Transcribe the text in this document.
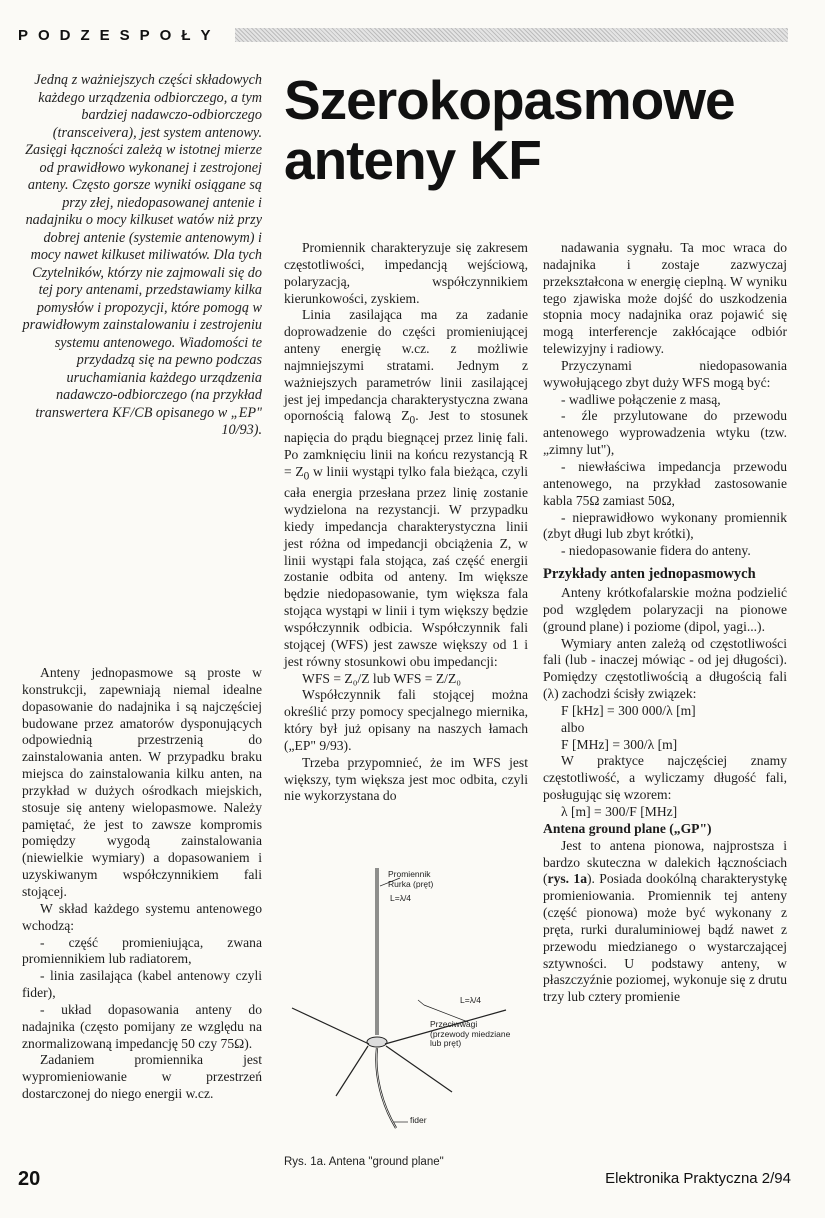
PODZESPOŁY

Jedną z ważniejszych części składowych każdego urządzenia odbiorczego, a tym bardziej nadawczo-odbiorczego (transceivera), jest system antenowy. Zasięgi łączności zależą w istotnej mierze od prawidłowo wykonanej i zestrojonej anteny. Często gorsze wyniki osiągane są przy złej, niedopasowanej antenie i nadajniku o mocy kilkuset watów niż przy dobrej antenie (systemie antenowym) i mocy nawet kilkuset miliwatów. Dla tych Czytelników, którzy nie zajmowali się do tej pory antenami, przedstawiamy kilka pomysłów i propozycji, które pomogą w prawidłowym zainstalowaniu i zestrojeniu systemu antenowego. Wiadomości te przydadzą się na pewno podczas uruchamiania każdego urządzenia nadawczo-odbiorczego (na przykład transwertera KF/CB opisanego w „EP" 10/93).

Szerokopasmowe
anteny KF

Anteny jednopasmowe są proste w konstrukcji, zapewniają niemal idealne dopasowanie do nadajnika i są najczęściej budowane przez amatorów dysponujących odpowiednią przestrzenią do zainstalowania anten. W przypadku braku miejsca do zainstalowania kilku anten, na przykład w dużych ośrodkach miejskich, stosuje się anteny wielopasmowe. Należy pamiętać, że jest to zawsze kompromis pomiędzy wygodą zainstalowania (niewielkie wymiary) a dopasowaniem i uzyskiwanym współczynnikiem fali stojącej.

W skład każdego systemu antenowego wchodzą:

- część promieniująca, zwana promiennikiem lub radiatorem,

- linia zasilająca (kabel antenowy czyli fider),

- układ dopasowania anteny do nadajnika (często pomijany ze względu na znormalizowaną impedancję 50 czy 75Ω).

Zadaniem promiennika jest wypromieniowanie w przestrzeń dostarczonej do niego energii w.cz.

Promiennik charakteryzuje się zakresem częstotliwości, impedancją wejściową, polaryzacją, współczynnikiem kierunkowości, zyskiem.

Linia zasilająca ma za zadanie doprowadzenie do części promieniującej anteny energię w.cz. z możliwie najmniejszymi stratami. Jednym z ważniejszych parametrów linii zasilającej jest jej impedancja charakterystyczna zwana opornością falową $Z_0$. Jest to stosunek napięcia do prądu biegnącej przez linię fali. Po zamknięciu linii na końcu rezystancją $R = Z_0$ w linii wystąpi tylko fala bieżąca, czyli cała energia przesłana przez linię zostanie wydzielona na rezystancji. W przypadku kiedy impedancja charakterystyczna linii jest różna od impedancji obciążenia Z, w linii wystąpi fala stojąca, zaś część energii zostanie odbita od anteny. Im większe będzie niedopasowanie, tym większa fala stojąca wystąpi w linii i tym większy będzie współczynnik odbicia. Współczynnik fali stojącej (WFS) jest zawsze większy od 1 i jest równy stosunkowi obu impedancji:

WFS = Z₀/Z lub WFS = Z/Z₀

Współczynnik fali stojącej można określić przy pomocy specjalnego miernika, który był już opisany na naszych łamach („EP" 9/93).

Trzeba przypomnieć, że im WFS jest większy, tym większa jest moc odbita, czyli nie wykorzystana do

Promiennik
Rurka (pręt)
L=λ/4
L=λ/4
Przeciwwagi
(przewody miedziane
lub pręt)
fider
Rys. 1a. Antena "ground plane"

nadawania sygnału. Ta moc wraca do nadajnika i zostaje zazwyczaj przekształcona w energię cieplną. W wyniku tego zjawiska może dojść do uszkodzenia stopnia mocy nadajnika oraz pojawić się mogą interferencje zakłócające odbiór telewizyjny i radiowy.

Przyczynami niedopasowania wywołującego zbyt duży WFS mogą być:

- wadliwe połączenie z masą,

- źle przylutowane do przewodu antenowego wyprowadzenia wtyku (tzw. „zimny lut"),

- niewłaściwa impedancja przewodu antenowego, na przykład zastosowanie kabla 75Ω zamiast 50Ω,

- nieprawidłowo wykonany promiennik (zbyt długi lub zbyt krótki),

- niedopasowanie fidera do anteny.

Przykłady anten jednopasmowych

Anteny krótkofalarskie można podzielić pod względem polaryzacji na pionowe (ground plane) i poziome (dipol, yagi...).

Wymiary anten zależą od częstotliwości fali (lub - inaczej mówiąc - od jej długości). Pomiędzy częstotliwością a długością fali (λ) zachodzi ścisły związek:

F [kHz] = 300 000/λ [m]

albo

F [MHz] = 300/λ [m]

W praktyce najczęściej znamy częstotliwość, a wyliczamy długość fali, posługując się wzorem:

λ [m] = 300/F [MHz]

Antena ground plane („GP")

Jest to antena pionowa, najprostsza i bardzo skuteczna w dalekich łącznościach (rys. 1a). Posiada dookólną charakterystykę promieniowania. Promiennik tej anteny (część pionowa) może być wykonany z pręta, rurki duraluminiowej bądź nawet z przewodu miedzianego o wystarczającej sztywności. U podstawy anteny, w płaszczyźnie poziomej, wykonuje się z drutu trzy lub cztery promienie

20	Elektronika Praktyczna 2/94
